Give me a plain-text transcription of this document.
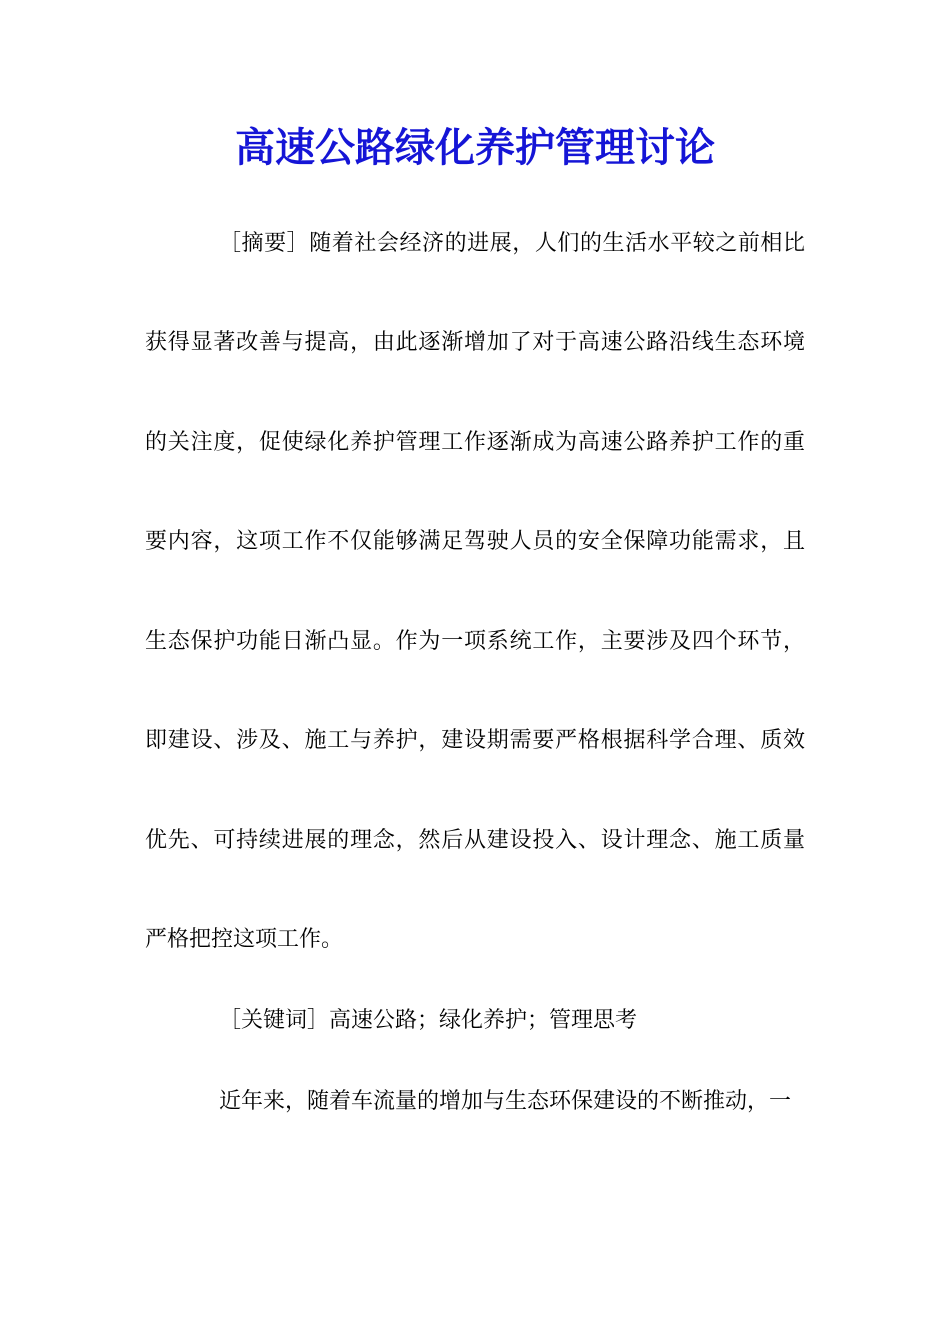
高速公路绿化养护管理讨论
［摘要］随着社会经济的进展，人们的生活水平较之前相比
获得显著改善与提高，由此逐渐增加了对于高速公路沿线生态环境
的关注度，促使绿化养护管理工作逐渐成为高速公路养护工作的重
要内容，这项工作不仅能够满足驾驶人员的安全保障功能需求，且
生态保护功能日渐凸显。作为一项系统工作，主要涉及四个环节，
即建设、涉及、施工与养护，建设期需要严格根据科学合理、质效
优先、可持续进展的理念，然后从建设投入、设计理念、施工质量
严格把控这项工作。
［关键词］高速公路；绿化养护；管理思考
近年来，随着车流量的增加与生态环保建设的不断推动，一
